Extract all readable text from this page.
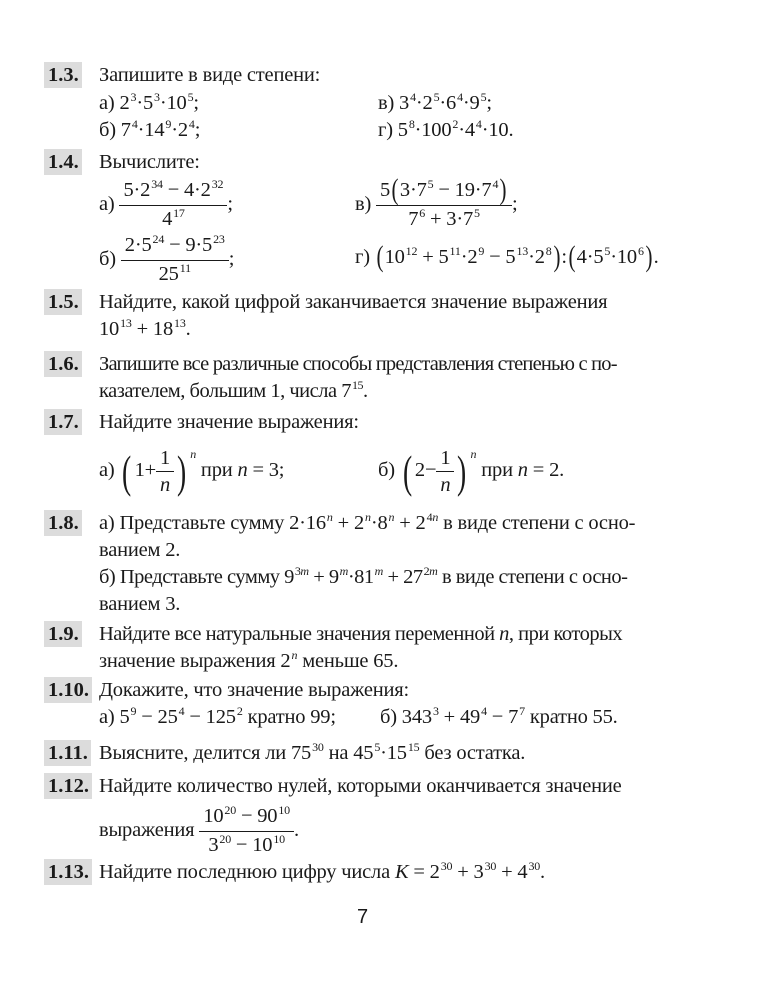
1.3. Запишите в виде степени:
а) $2^3\cdot 5^3\cdot 10^5$;
б) $7^4\cdot 14^9\cdot 2^4$;
в) $3^4\cdot 2^5\cdot 6^4\cdot 9^5$;
г) $5^8\cdot 100^2\cdot 4^4\cdot 10$.
1.4. Вычислите:
$а) \frac{5\cdot 2^{34} - 4\cdot 2^{32}}{4^{17}}$ ;
$б) \frac{2\cdot 5^{24} - 9\cdot 5^{23}}{25^{11}}$ ;
$в) \frac{5(3\cdot 7^5 - 19\cdot 7^4)}{7^6 + 3\cdot 7^5}$ ;
г) ($10^{12} + 5^{11}\cdot 2^9$ − $5^{13}\cdot 2^8):(4\cdot 5^5\cdot 10^6)$.
1.5. Найдите, какой цифрой заканчивается значение выражения
$10^{13} + 18^{13}$.
1.6. Запишите все различные способы представления степенью с по-
казателем, большим 1, числа $7^{15}$.
1.7. Найдите значение выражения:
а) ( $1+ \frac{1}{n}$ ) $^n$ при n = 3;	б) ( $2- \frac{1}{n}$ ) $^n$ при n = 2.
1.8. а) Представьте сумму $2\cdot 16^n + 2^n\cdot 8^n + 2^{4n}$ в виде степени с осно-
ванием 2.
б) Представьте сумму $9^{3m} + 9^m\cdot 81^m + 27^{2m}$ в виде степени с осно-
ванием 3.
1.9. Найдите все натуральные значения переменной n, при которых
значение выражения 2$^n$ меньше 65.
1.10. Докажите, что значение выражения:
а) $5^9 - 25^4 - 125^2$ кратно 99; б) $343^3 + 49^4 - 7^7$ кратно 55.
1.11. Выясните, делится ли $75^{30}$ на $45^5\cdot 15^{15}$ без остатка.
1.12. Найдите количество нулей, которыми оканчивается значение
выражения $\frac{10^{20} - 90^{10}}{3^{20} - 10^{10}}$ .
1.13. Найдите последнюю цифру числа $K = 2^{30} + 3^{30} + 4^{30}$.
7
